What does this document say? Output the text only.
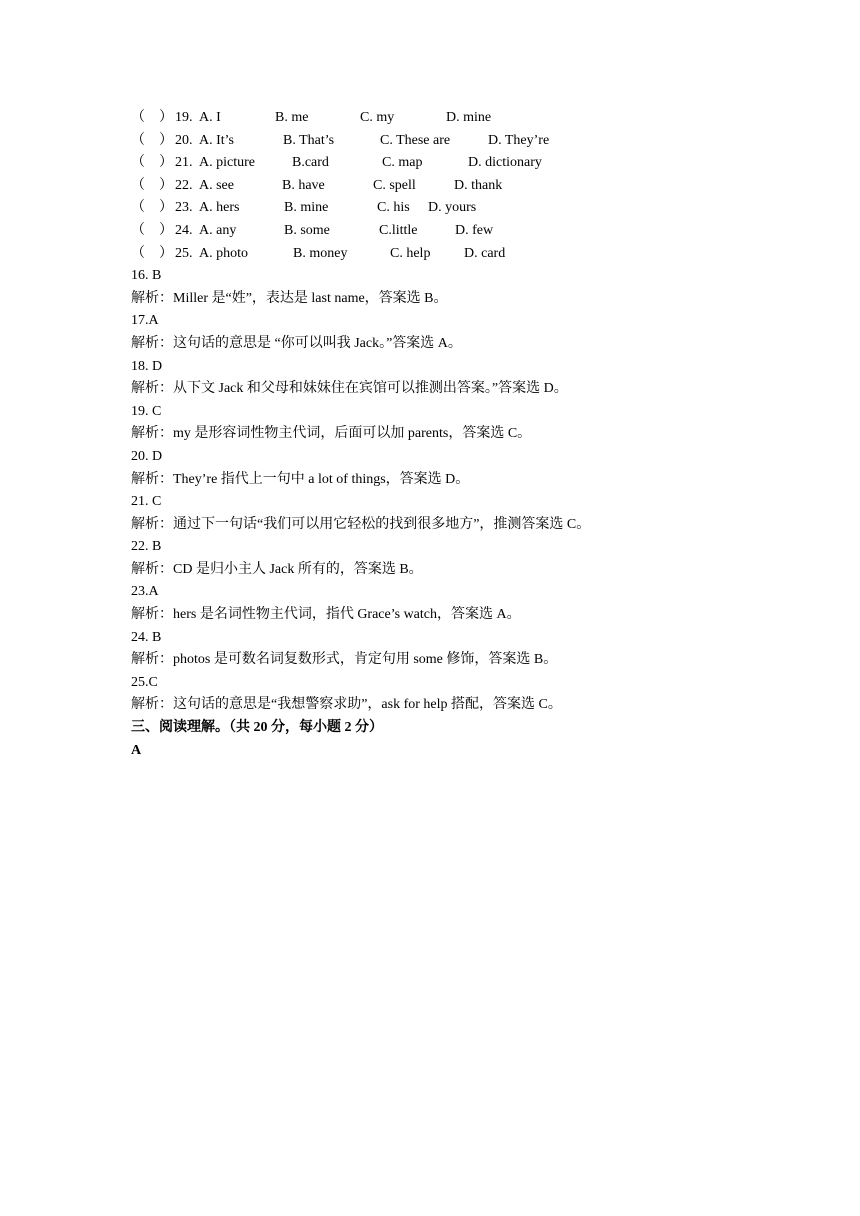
（　） 19. A. I	B. me	C. my	D. mine
（　） 20. A. It’s	B. That’s	C. These are	D. They’re
（　） 21. A. picture	B.card	C. map	D. dictionary
（　） 22. A. see	B. have	C. spell	D. thank
（　） 23. A. hers	B. mine	C. his D. yours
（　） 24. A. any	B. some	C.little	D. few
（　） 25. A. photo	B. money	C. help D. card
16. B
解析：Miller 是“姓”，表达是 last name，答案选 B。
17.A
解析：这句话的意思是 “你可以叫我 Jack。”答案选 A。
18. D
解析：从下文 Jack 和父母和妹妹住在宾馆可以推测出答案。”答案选 D。
19. C
解析：my 是形容词性物主代词，后面可以加 parents，答案选 C。
20. D
解析：They’re 指代上一句中 a lot of things，答案选 D。
21. C
解析：通过下一句话“我们可以用它轻松的找到很多地方”，推测答案选 C。
22. B
解析：CD 是归小主人 Jack 所有的，答案选 B。
23.A
解析：hers 是名词性物主代词，指代 Grace’s watch，答案选 A。
24. B
解析：photos 是可数名词复数形式，肯定句用 some 修饰，答案选 B。
25.C
解析：这句话的意思是“我想警察求助”，ask for help 搭配，答案选 C。
三、阅读理解。（共 20 分，每小题 2 分）
A
